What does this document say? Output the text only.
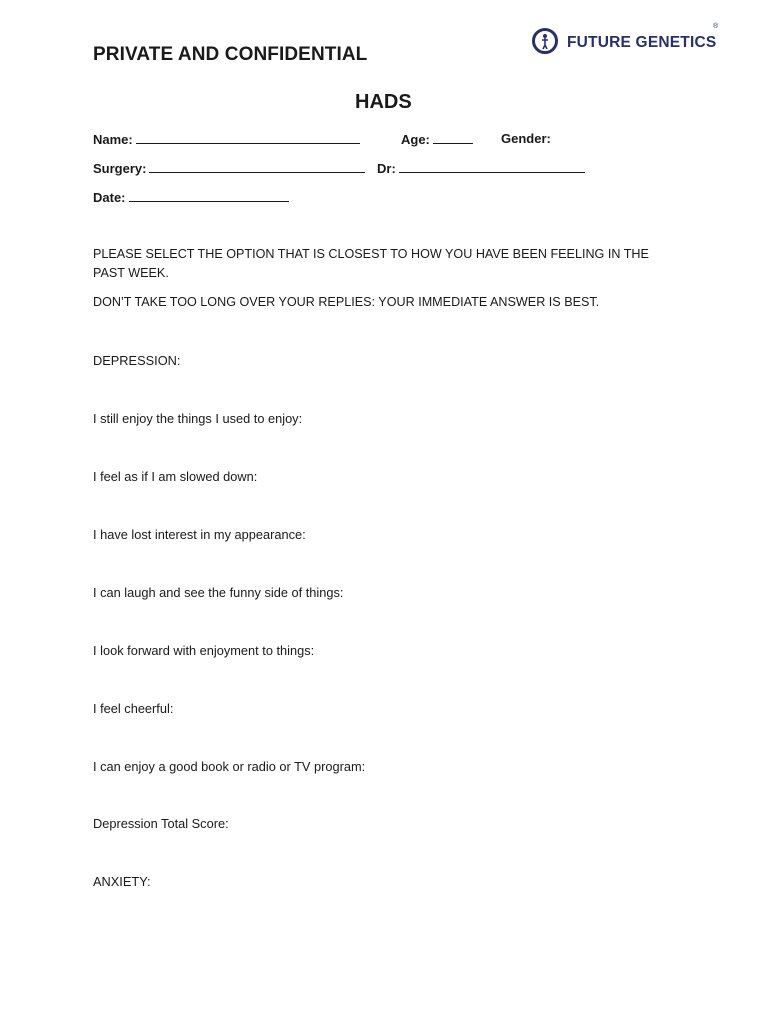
PRIVATE AND CONFIDENTIAL
FUTURE GENETICS
®
HADS
Name:	Age:	Gender:
Surgery:	Dr:
Date:
PLEASE SELECT THE OPTION THAT IS CLOSEST TO HOW YOU HAVE BEEN FEELING IN THE PAST WEEK.
DON’T TAKE TOO LONG OVER YOUR REPLIES: YOUR IMMEDIATE ANSWER IS BEST.
DEPRESSION:
I still enjoy the things I used to enjoy:
I feel as if I am slowed down:
I have lost interest in my appearance:
I can laugh and see the funny side of things:
I look forward with enjoyment to things:
I feel cheerful:
I can enjoy a good book or radio or TV program:
Depression Total Score:
ANXIETY:
